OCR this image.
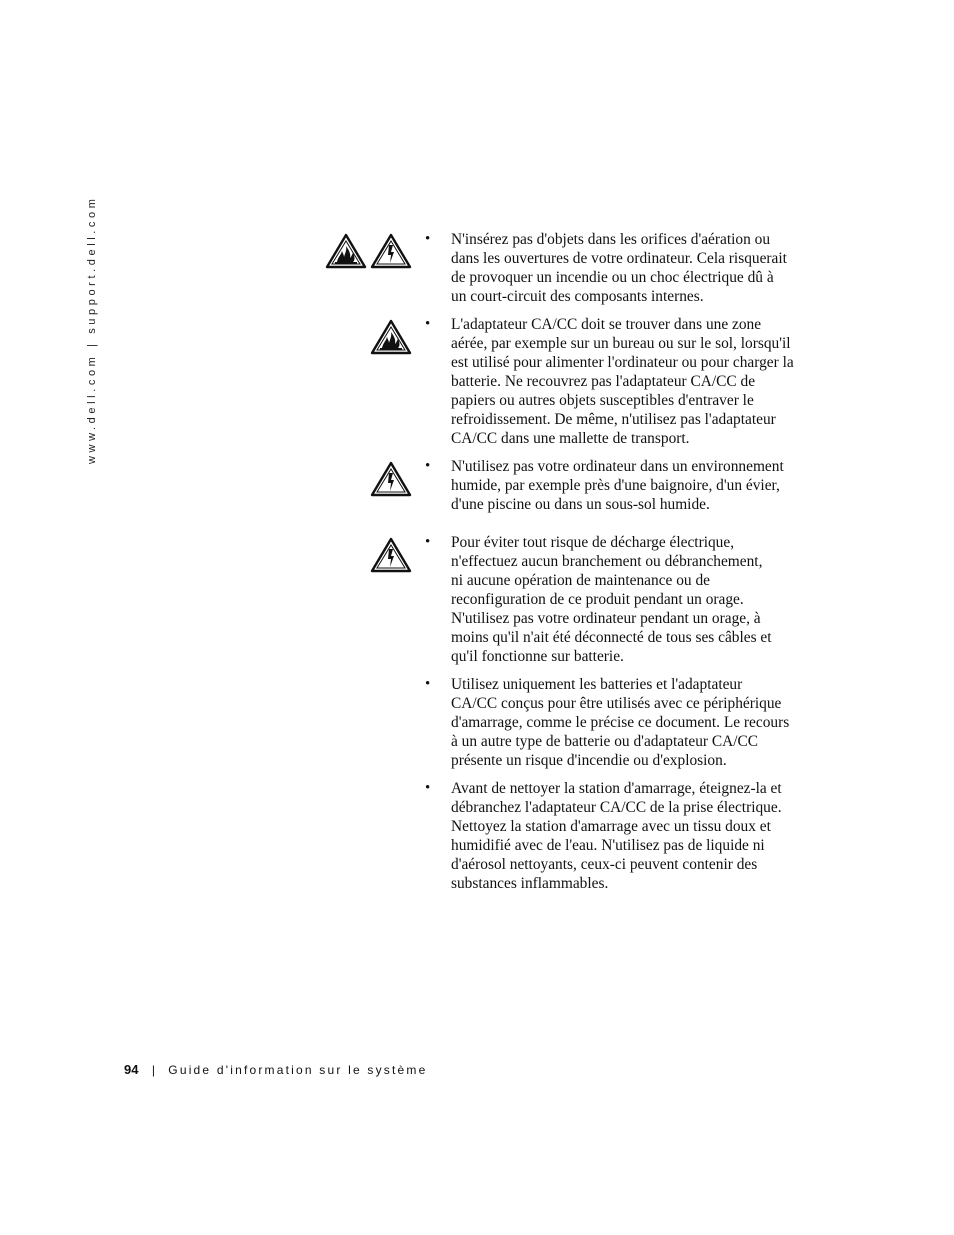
www.dell.com | support.dell.com	• N'insérez pas d'objets dans les orifices d'aération ou
dans les ouvertures de votre ordinateur. Cela risquerait
de provoquer un incendie ou un choc électrique dû à
un court-circuit des composants internes.
• L'adaptateur CA/CC doit se trouver dans une zone
aérée, par exemple sur un bureau ou sur le sol, lorsqu'il
est utilisé pour alimenter l'ordinateur ou pour charger la
batterie. Ne recouvrez pas l'adaptateur CA/CC de
papiers ou autres objets susceptibles d'entraver le
refroidissement. De même, n'utilisez pas l'adaptateur
CA/CC dans une mallette de transport.
• N'utilisez pas votre ordinateur dans un environnement
humide, par exemple près d'une baignoire, d'un évier,
d'une piscine ou dans un sous-sol humide.
• Pour éviter tout risque de décharge électrique,
n'effectuez aucun branchement ou débranchement,
ni aucune opération de maintenance ou de
reconfiguration de ce produit pendant un orage.
N'utilisez pas votre ordinateur pendant un orage, à
moins qu'il n'ait été déconnecté de tous ses câbles et
qu'il fonctionne sur batterie.
• Utilisez uniquement les batteries et l'adaptateur
CA/CC conçus pour être utilisés avec ce périphérique
d'amarrage, comme le précise ce document. Le recours
à un autre type de batterie ou d'adaptateur CA/CC
présente un risque d'incendie ou d'explosion.
• Avant de nettoyer la station d'amarrage, éteignez-la et
débranchez l'adaptateur CA/CC de la prise électrique.
Nettoyez la station d'amarrage avec un tissu doux et
humidifié avec de l'eau. N'utilisez pas de liquide ni
d'aérosol nettoyants, ceux-ci peuvent contenir des
substances inflammables.
94 | Guide d'information sur le système
